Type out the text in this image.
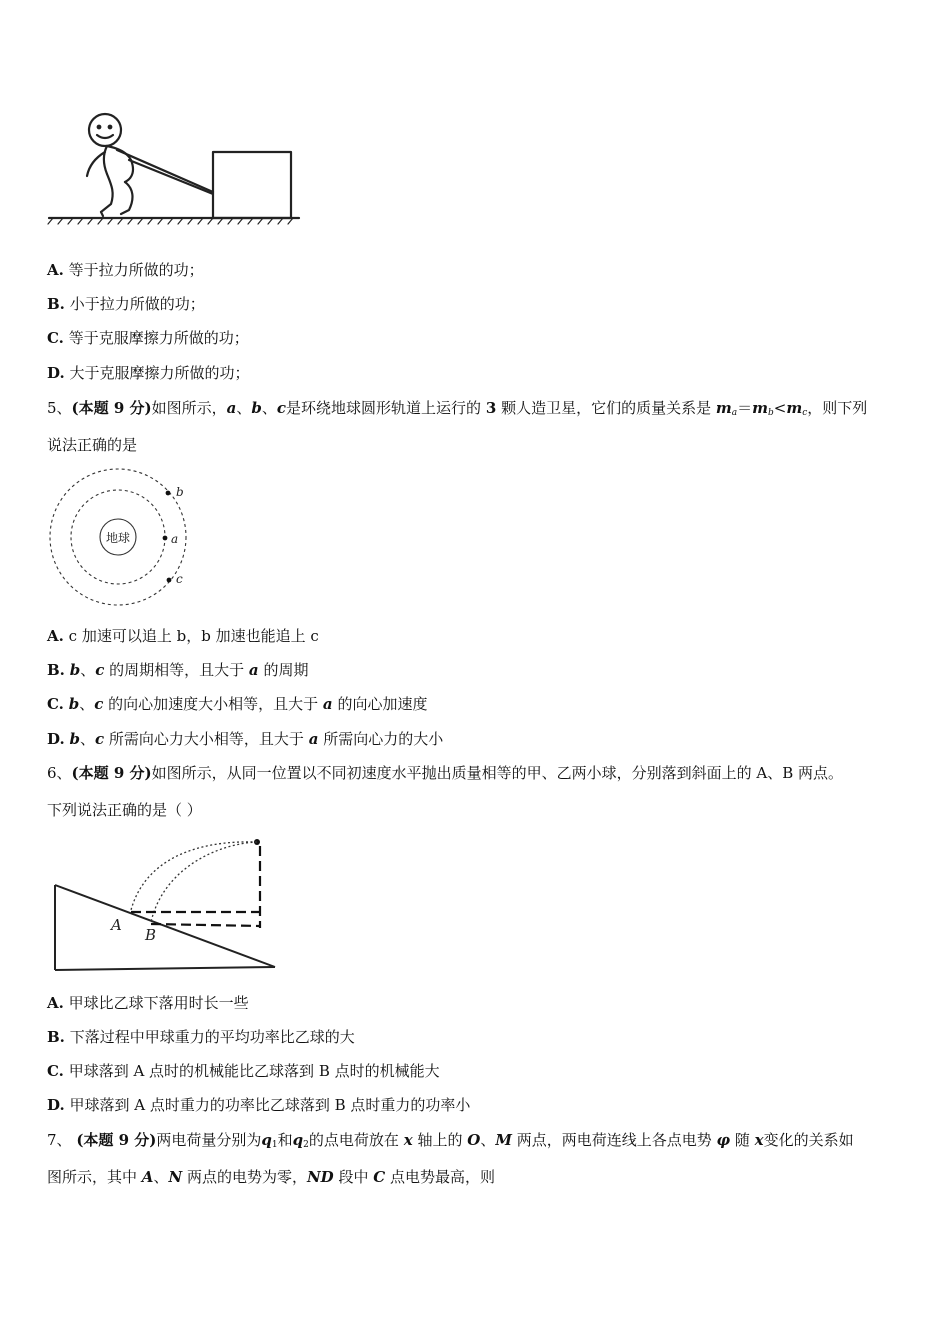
A. 等于拉力所做的功；
B. 小于拉力所做的功；
C. 等于克服摩擦力所做的功；
D. 大于克服摩擦力所做的功；
5、(本题 9 分)如图所示，a、b、c是环绕地球圆形轨道上运行的 3 颗人造卫星，它们的质量关系是 $m_a=m_b<m_c$，则下列
说法正确的是
地球	a
b
c
A. c 加速可以追上 b，b 加速也能追上 c
B. b、c 的周期相等，且大于 a 的周期
C. b、c 的向心加速度大小相等，且大于 a 的向心加速度
D. b、c 所需向心力大小相等，且大于 a 所需向心力的大小
6、(本题 9 分)如图所示，从同一位置以不同初速度水平抛出质量相等的甲、乙两小球，分别落到斜面上的 A、B 两点。
下列说法正确的是（ ）
A
B
A. 甲球比乙球下落用时长一些
B. 下落过程中甲球重力的平均功率比乙球的大
C. 甲球落到 A 点时的机械能比乙球落到 B 点时的机械能大
D. 甲球落到 A 点时重力的功率比乙球落到 B 点时重力的功率小
7、 (本题 9 分)两电荷量分别为$q_1$和$q_2$的点电荷放在 x 轴上的 O、M 两点，两电荷连线上各点电势 φ 随 x变化的关系如
图所示，其中 A、N 两点的电势为零，ND 段中 C 点电势最高，则
